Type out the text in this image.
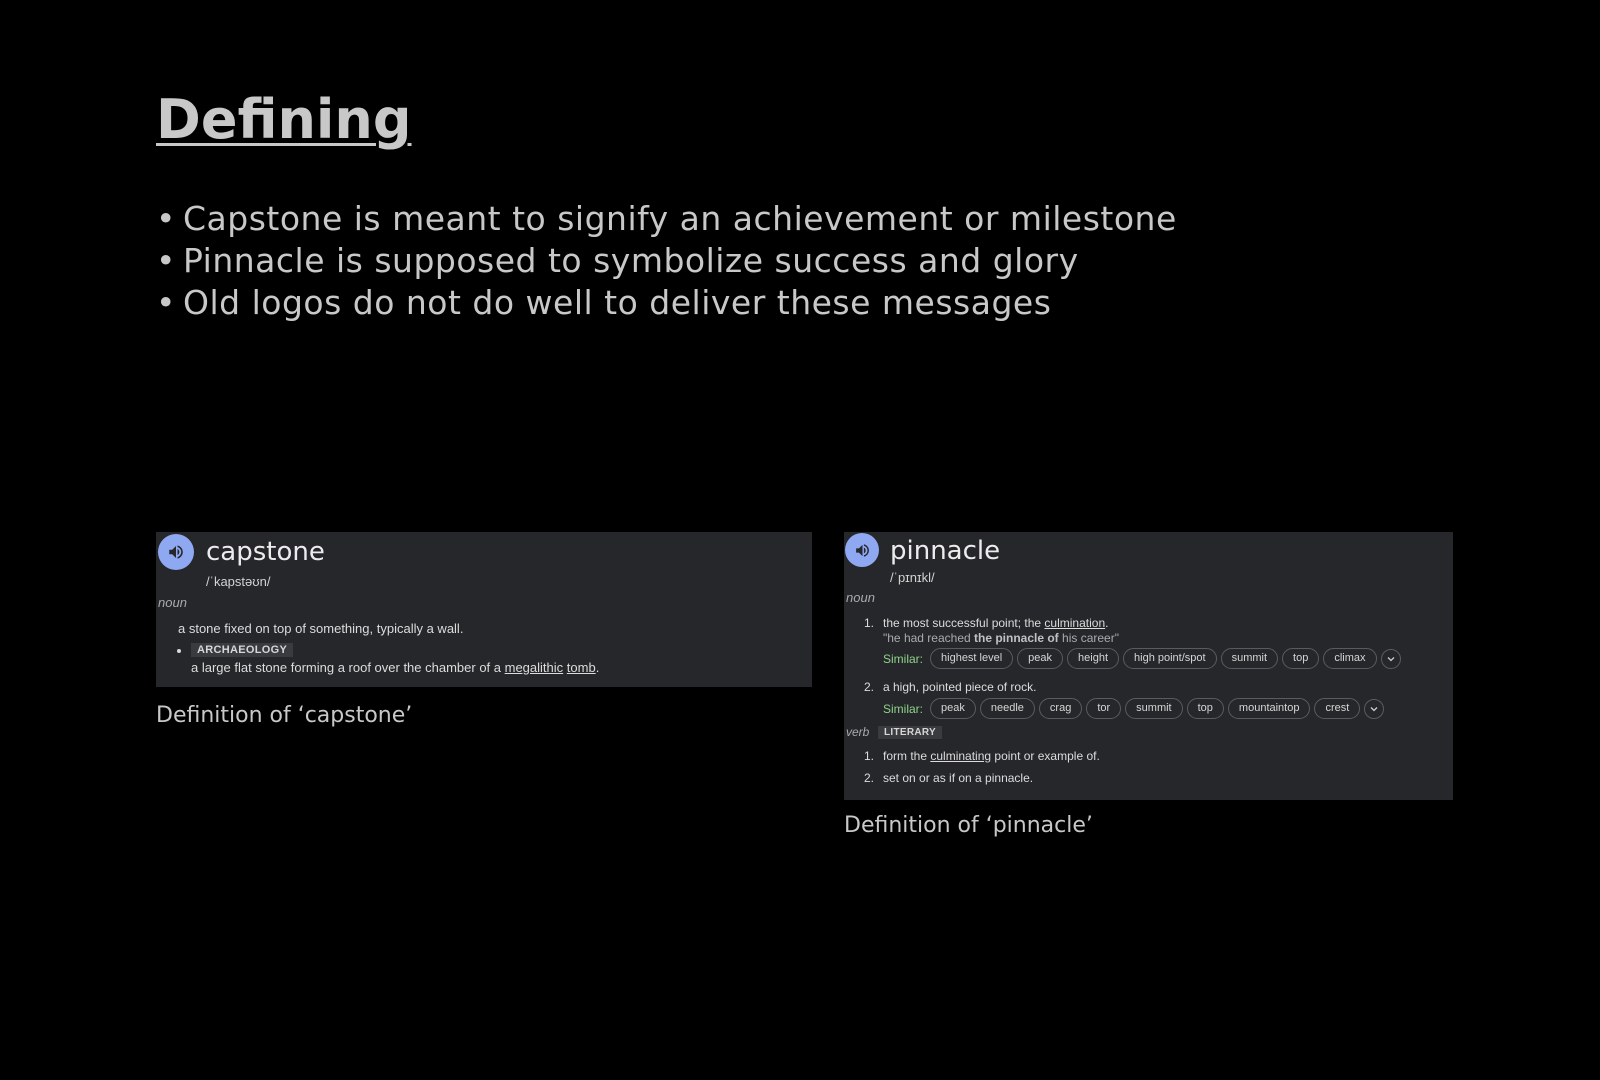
Defining
• Capstone is meant to signify an achievement or milestone
• Pinnacle is supposed to symbolize success and glory
• Old logos do not do well to deliver these messages
capstone
/ˈkapstəʊn/
noun
a stone fixed on top of something, typically a wall.
ARCHAEOLOGY
a large flat stone forming a roof over the chamber of a megalithic tomb.
Definition of ‘capstone’
pinnacle
/ˈpɪnɪkl/
noun
1. the most successful point; the culmination.
"he had reached the pinnacle of his career"
Similar:	highest level	peak	height	high point/spot	summit	top	climax
2. a high, pointed piece of rock.
Similar:	peak	needle	crag	tor	summit	top	mountaintop	crest
verb	LITERARY
1. form the culminating point or example of.
2. set on or as if on a pinnacle.
Definition of ‘pinnacle’
